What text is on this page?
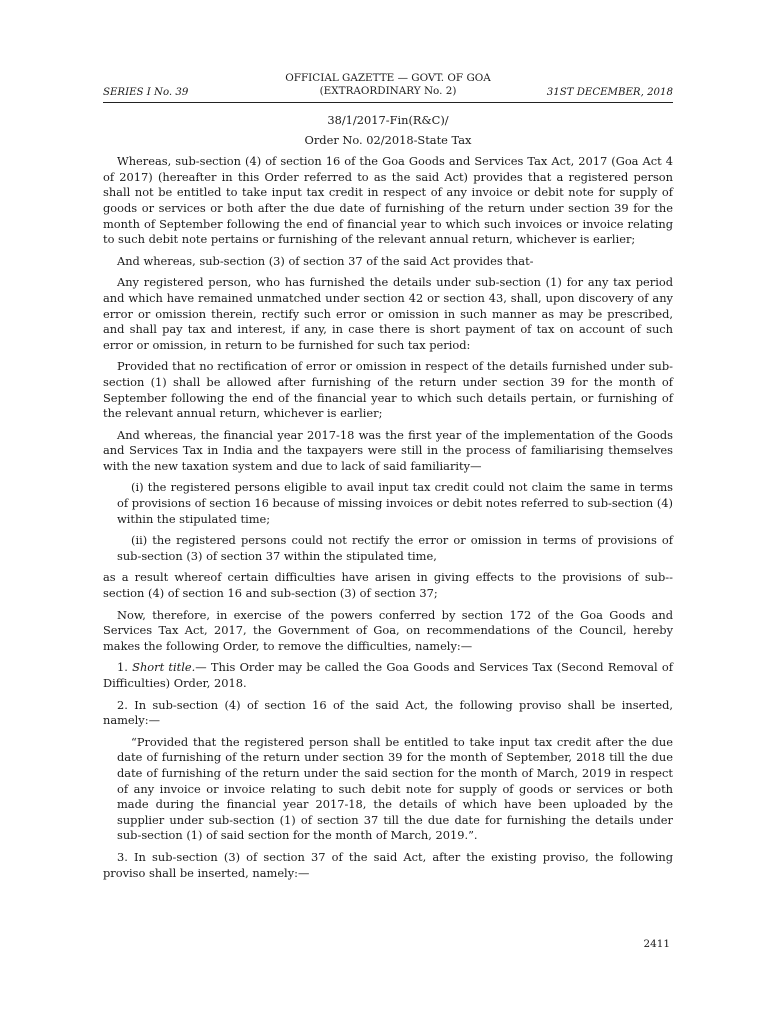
SERIES I No. 39
OFFICIAL GAZETTE — GOVT. OF GOA
(EXTRAORDINARY No. 2)	31ST DECEMBER, 2018
38/1/2017-Fin(R&C)/
Order No. 02/2018-State Tax

Whereas, sub-section (4) of section 16 of the Goa Goods and Services Tax Act, 2017 (Goa Act 4 of 2017) (hereafter in this Order referred to as the said Act) provides that a registered person shall not be entitled to take input tax credit in respect of any invoice or debit note for supply of goods or services or both after the due date of furnishing of the return under section 39 for the month of September following the end of financial year to which such invoices or invoice relating to such debit note pertains or furnishing of the relevant annual return, whichever is earlier;

And whereas, sub-section (3) of section 37 of the said Act provides that-

Any registered person, who has furnished the details under sub-section (1) for any tax period and which have remained unmatched under section 42 or section 43, shall, upon discovery of any error or omission therein, rectify such error or omission in such manner as may be prescribed, and shall pay tax and interest, if any, in case there is short payment of tax on account of such error or omission, in return to be furnished for such tax period:

Provided that no rectification of error or omission in respect of the details furnished under sub-section (1) shall be allowed after furnishing of the return under section 39 for the month of September following the end of the financial year to which such details pertain, or furnishing of the relevant annual return, whichever is earlier;

And whereas, the financial year 2017-18 was the first year of the implementation of the Goods and Services Tax in India and the taxpayers were still in the process of familiarising themselves with the new taxation system and due to lack of said familiarity—

(i) the registered persons eligible to avail input tax credit could not claim the same in terms of provisions of section 16 because of missing invoices or debit notes referred to sub-section (4) within the stipulated time;

(ii) the registered persons could not rectify the error or omission in terms of provisions of sub-section (3) of section 37 within the stipulated time,

as a result whereof certain difficulties have arisen in giving effects to the provisions of sub--section (4) of section 16 and sub-section (3) of section 37;

Now, therefore, in exercise of the powers conferred by section 172 of the Goa Goods and Services Tax Act, 2017, the Government of Goa, on recommendations of the Council, hereby makes the following Order, to remove the difficulties, namely:—

1. Short title.— This Order may be called the Goa Goods and Services Tax (Second Removal of Difficulties) Order, 2018.

2. In sub-section (4) of section 16 of the said Act, the following proviso shall be inserted, namely:—

“Provided that the registered person shall be entitled to take input tax credit after the due date of furnishing of the return under section 39 for the month of September, 2018 till the due date of furnishing of the return under the said section for the month of March, 2019 in respect of any invoice or invoice relating to such debit note for supply of goods or services or both made during the financial year 2017-18, the details of which have been uploaded by the supplier under sub-section (1) of section 37 till the due date for furnishing the details under sub-section (1) of said section for the month of March, 2019.”.

3. In sub-section (3) of section 37 of the said Act, after the existing proviso, the following proviso shall be inserted, namely:—

2411
